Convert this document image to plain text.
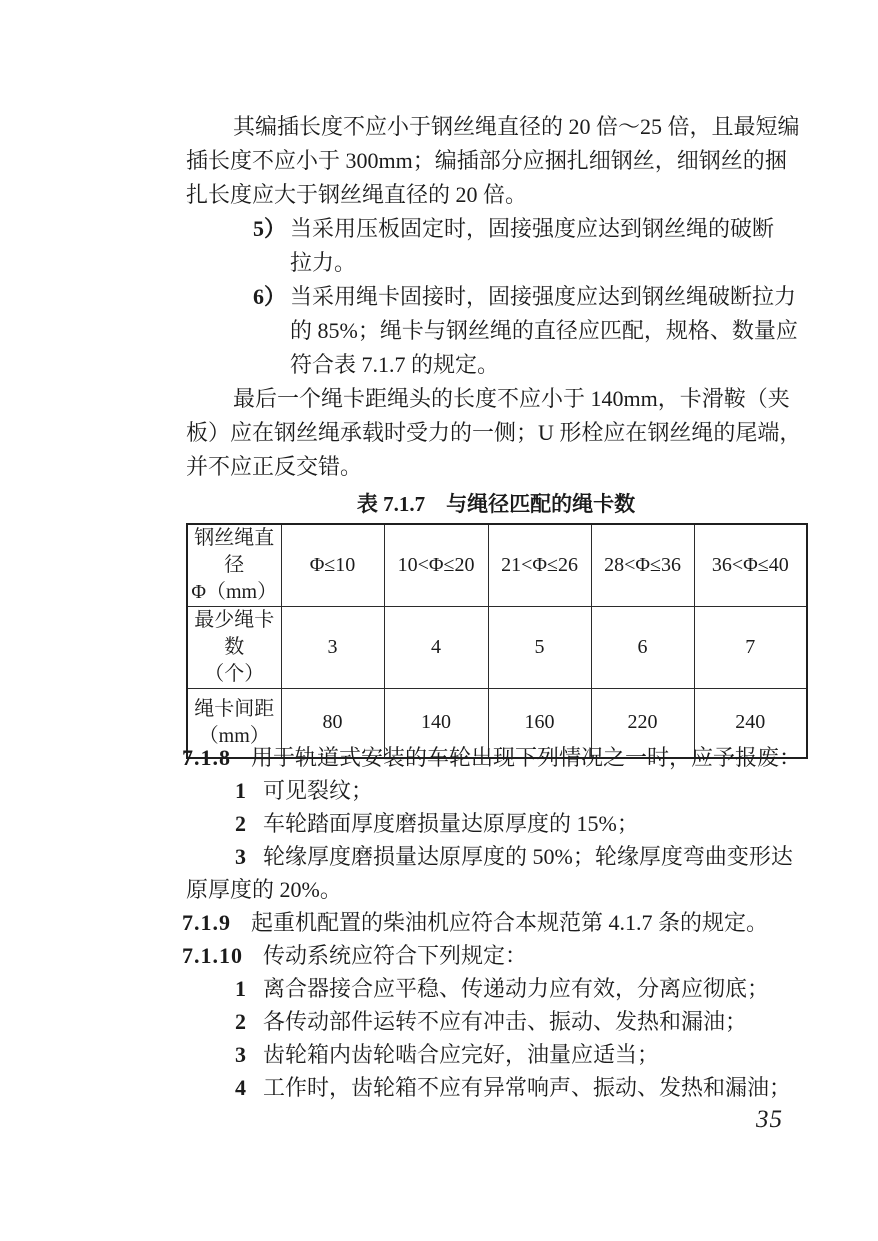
其编插长度不应小于钢丝绳直径的 20 倍～25 倍，且最短编
插长度不应小于 300mm；编插部分应捆扎细钢丝，细钢丝的捆
扎长度应大于钢丝绳直径的 20 倍。
5） 当采用压板固定时，固接强度应达到钢丝绳的破断
拉力。
6） 当采用绳卡固接时，固接强度应达到钢丝绳破断拉力
的 85%；绳卡与钢丝绳的直径应匹配，规格、数量应
符合表 7.1.7 的规定。
最后一个绳卡距绳头的长度不应小于 140mm，卡滑鞍（夹
板）应在钢丝绳承载时受力的一侧；U 形栓应在钢丝绳的尾端，
并不应正反交错。
表 7.1.7　与绳径匹配的绳卡数
钢丝绳直径
Φ（mm）	Φ≤10	10<Φ≤20	21<Φ≤26	28<Φ≤36	36<Φ≤40

最少绳卡数
（个）	3	4	5	6	7

绳卡间距
（mm）	80	140	160	220	240
7.1.8 用于轨道式安装的车轮出现下列情况之一时，应予报废：
1 可见裂纹；
2 车轮踏面厚度磨损量达原厚度的 15%；
3 轮缘厚度磨损量达原厚度的 50%；轮缘厚度弯曲变形达
原厚度的 20%。
7.1.9 起重机配置的柴油机应符合本规范第 4.1.7 条的规定。
7.1.10 传动系统应符合下列规定：
1 离合器接合应平稳、传递动力应有效，分离应彻底；
2 各传动部件运转不应有冲击、振动、发热和漏油；
3 齿轮箱内齿轮啮合应完好，油量应适当；
4 工作时，齿轮箱不应有异常响声、振动、发热和漏油；
35
